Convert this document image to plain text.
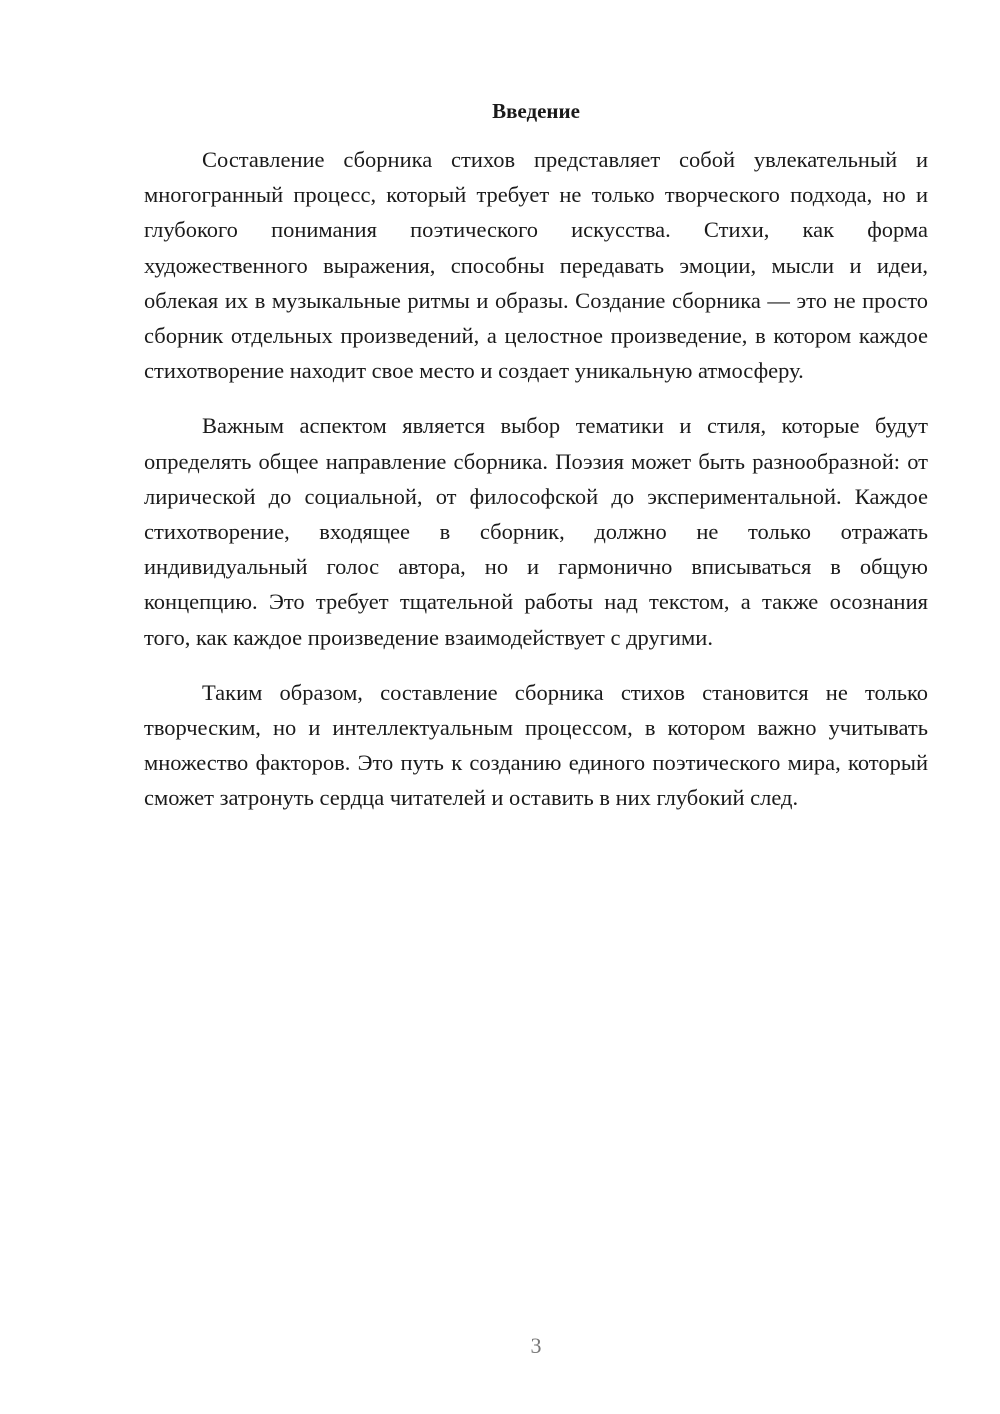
Введение

Составление сборника стихов представляет собой увлекательный и многогранный процесс, который требует не только творческого подхода, но и глубокого понимания поэтического искусства. Стихи, как форма художественного выражения, способны передавать эмоции, мысли и идеи, облекая их в музыкальные ритмы и образы. Создание сборника — это не просто сборник отдельных произведений, а целостное произведение, в котором каждое стихотворение находит свое место и создает уникальную атмосферу.

Важным аспектом является выбор тематики и стиля, которые будут определять общее направление сборника. Поэзия может быть разнообразной: от лирической до социальной, от философской до экспериментальной. Каждое стихотворение, входящее в сборник, должно не только отражать индивидуальный голос автора, но и гармонично вписываться в общую концепцию. Это требует тщательной работы над текстом, а также осознания того, как каждое произведение взаимодействует с другими.

Таким образом, составление сборника стихов становится не только творческим, но и интеллектуальным процессом, в котором важно учитывать множество факторов. Это путь к созданию единого поэтического мира, который сможет затронуть сердца читателей и оставить в них глубокий след.

3
